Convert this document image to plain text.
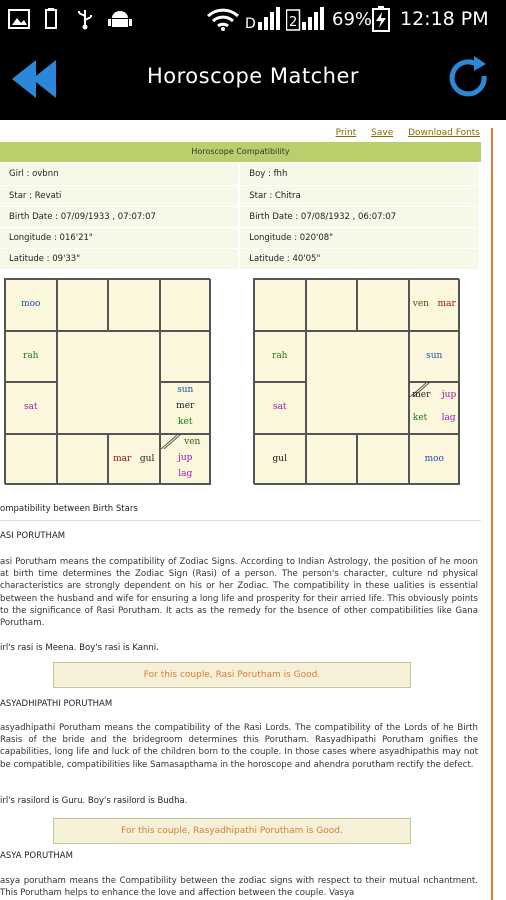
D	2 69% 12:18 PM
Horoscope Matcher
Print Save Download Fonts
Horoscope Compatibility
Girl : ovbnn	Boy : fhh
Star : Revati	Star : Chitra
Birth Date : 07/09/1933 , 07:07:07	Birth Date : 07/08/1932 , 06:07:07
Longitude : 016'21"	Longitude : 020'08"
Latitude : 09'33"	Latitude : 40'05"
moo
rah
sat
sun
mer
ket
mar gul
ven
jup
lag
ven mar
rah
sat
sun
mer jup
ket lag
gul	moo
ompatibility between Birth Stars
ASI PORUTHAM
asi Porutham means the compatibility of Zodiac Signs. According to Indian Astrology, the position of he moon at birth time determines the Zodiac Sign (Rasi) of a person. The person's character, culture nd physical characteristics are strongly dependent on his or her Zodiac. The compatibility in these ualities is essential between the husband and wife for ensuring a long life and prosperity for their arried life. This obviously points to the significance of Rasi Porutham. It acts as the remedy for the bsence of other compatibilities like Gana Porutham.
irl's rasi is Meena. Boy's rasi is Kanni.
For this couple, Rasi Porutham is Good.
ASYADHIPATHI PORUTHAM
asyadhipathi Porutham means the compatibility of the Rasi Lords. The compatibility of the Lords of he Birth Rasis of the bride and the bridegroom determines this Porutham. Rasyadhipathi Porutham gnifies the capabilities, long life and luck of the children born to the couple. In those cases where asyadhipathis may not be compatible, compatibilities like Samasapthama in the horoscope and ahendra porutham rectify the defect.
irl's rasilord is Guru. Boy's rasilord is Budha.
For this couple, Rasyadhipathi Porutham is Good.
ASYA PORUTHAM
asya porutham means the Compatibility between the zodiac signs with respect to their mutual nchantment. This Porutham helps to enhance the love and affection between the couple. Vasya
